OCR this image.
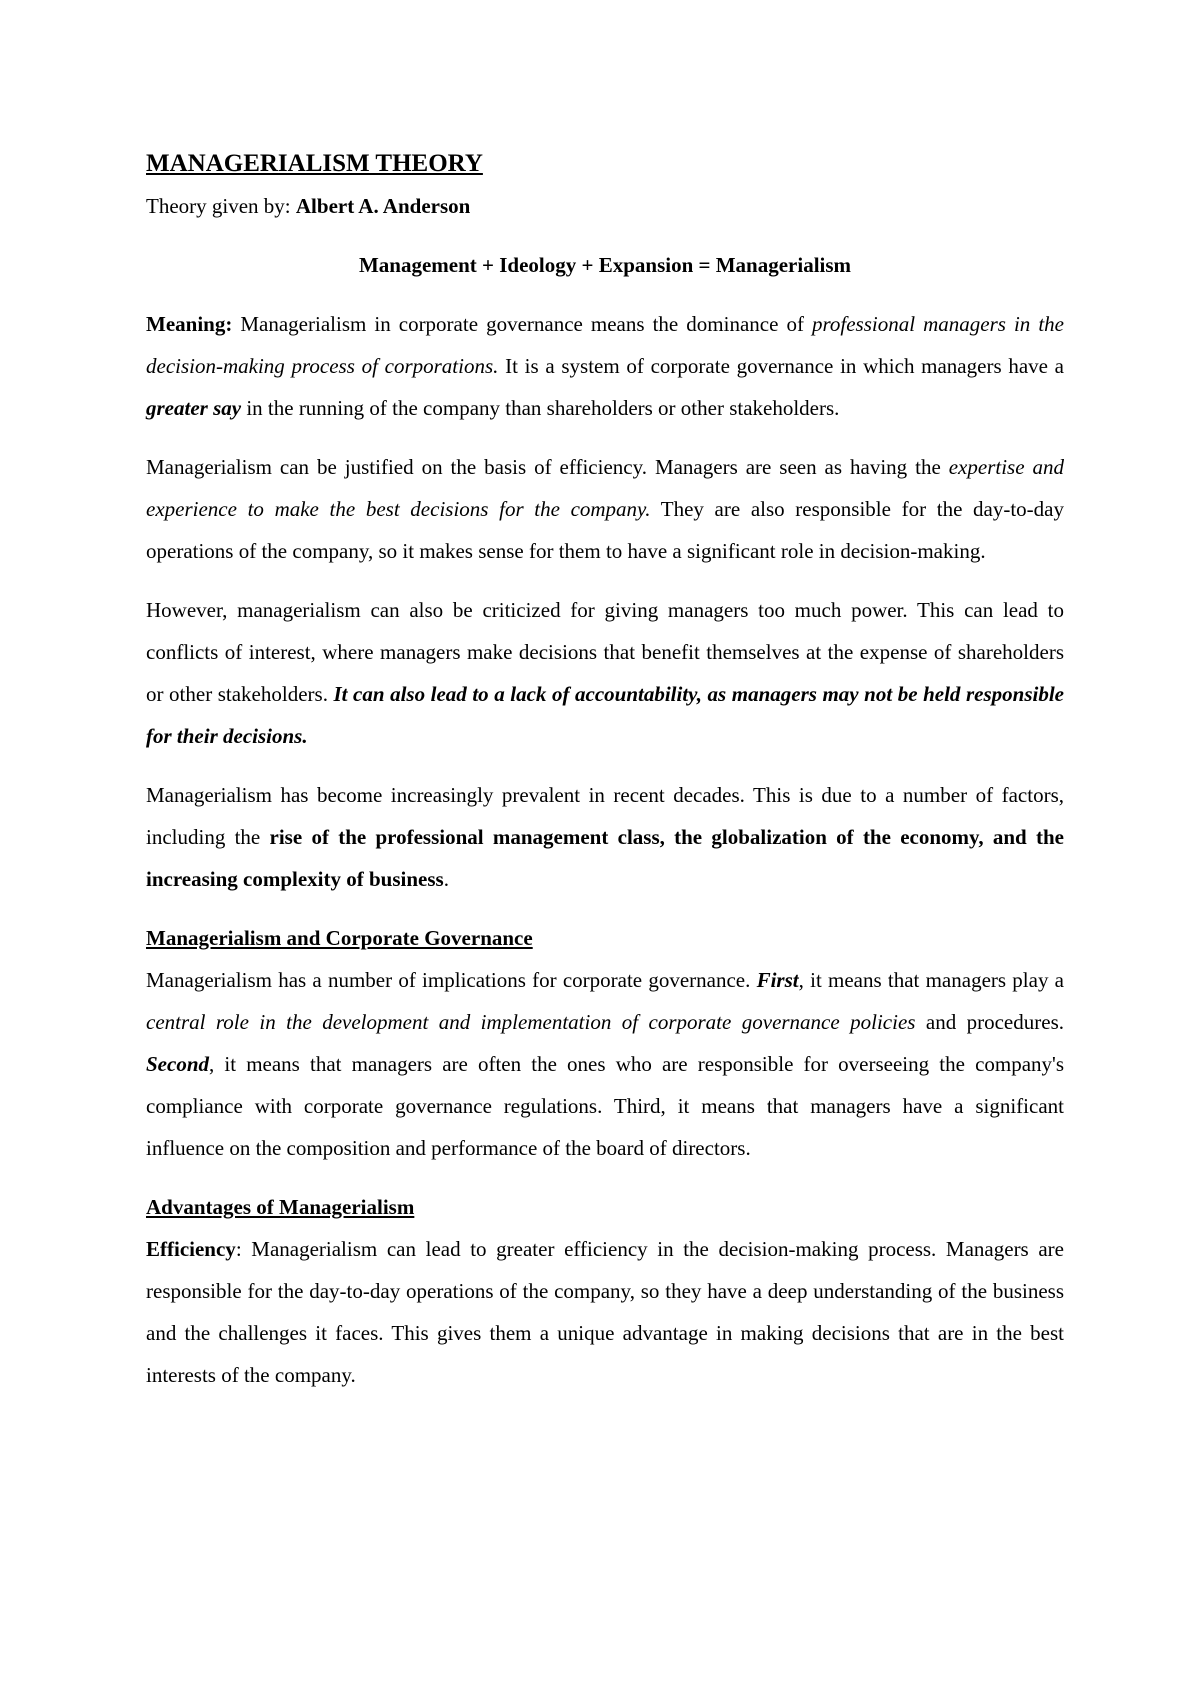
MANAGERIALISM THEORY
Theory given by: Albert A. Anderson
Management + Ideology + Expansion = Managerialism

Meaning: Managerialism in corporate governance means the dominance of professional managers in the decision-making process of corporations. It is a system of corporate governance in which managers have a greater say in the running of the company than shareholders or other stakeholders.

Managerialism can be justified on the basis of efficiency. Managers are seen as having the expertise and experience to make the best decisions for the company. They are also responsible for the day-to-day operations of the company, so it makes sense for them to have a significant role in decision-making.

However, managerialism can also be criticized for giving managers too much power. This can lead to conflicts of interest, where managers make decisions that benefit themselves at the expense of shareholders or other stakeholders. It can also lead to a lack of accountability, as managers may not be held responsible for their decisions.

Managerialism has become increasingly prevalent in recent decades. This is due to a number of factors, including the rise of the professional management class, the globalization of the economy, and the increasing complexity of business.

Managerialism and Corporate Governance

Managerialism has a number of implications for corporate governance. First, it means that managers play a central role in the development and implementation of corporate governance policies and procedures. Second, it means that managers are often the ones who are responsible for overseeing the company's compliance with corporate governance regulations. Third, it means that managers have a significant influence on the composition and performance of the board of directors.

Advantages of Managerialism

Efficiency: Managerialism can lead to greater efficiency in the decision-making process. Managers are responsible for the day-to-day operations of the company, so they have a deep understanding of the business and the challenges it faces. This gives them a unique advantage in making decisions that are in the best interests of the company.
